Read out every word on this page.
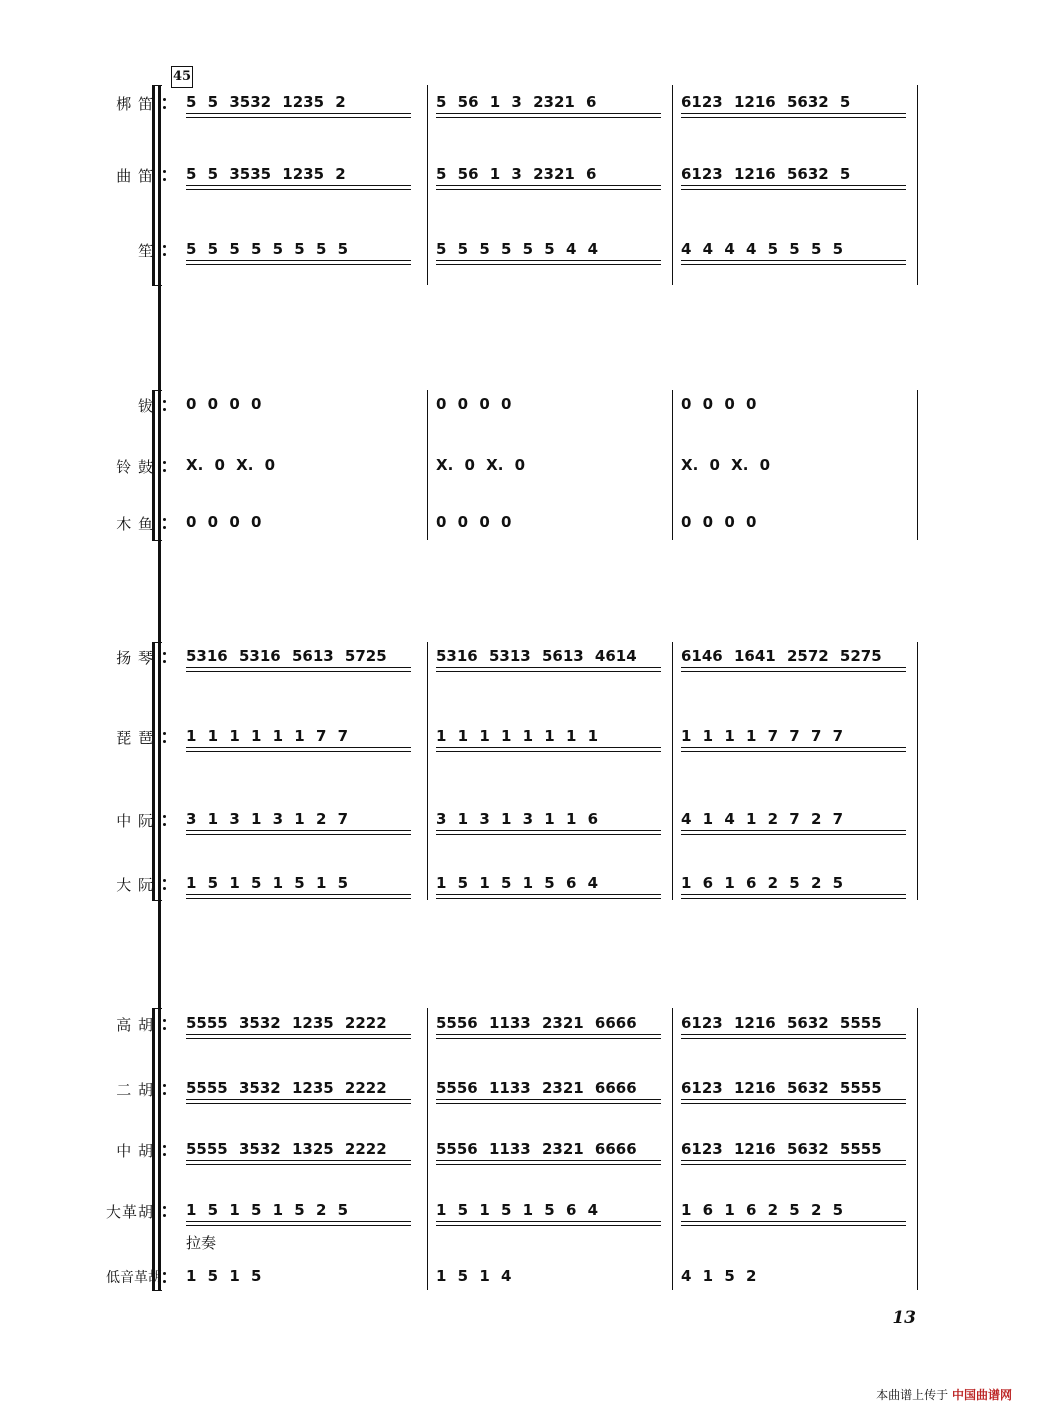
梆 笛 5 5 3532 1235 2	5 56 1 3 2321 6	6123 1216 5632 5
曲 笛 5 5 3535 1235 2	5 56 1 3 2321 6	6123 1216 5632 5
笙 5 5 5 5 5 5 5 5	5 5 5 5 5 5 4 4	4 4 4 4 5 5 5 5
钹 0 0 0 0	0 0 0 0	0 0 0 0
铃 鼓 X. 0 X. 0	X. 0 X. 0	X. 0 X. 0
木 鱼 0 0 0 0	0 0 0 0	0 0 0 0
扬 琴 5316 5316 5613 5725	5316 5313 5613 4614	6146 1641 2572 5275
琵 琶 1 1 1 1 1 1 7 7	1 1 1 1 1 1 1 1	1 1 1 1 7 7 7 7
中 阮 3 1 3 1 3 1 2 7	3 1 3 1 3 1 1 6	4 1 4 1 2 7 2 7
大 阮 1 5 1 5 1 5 1 5	1 5 1 5 1 5 6 4	1 6 1 6 2 5 2 5
高 胡 5555 3532 1235 2222	5556 1133 2321 6666	6123 1216 5632 5555
二 胡 5555 3532 1235 2222	5556 1133 2321 6666	6123 1216 5632 5555
中 胡 5555 3532 1325 2222	5556 1133 2321 6666	6123 1216 5632 5555
大革胡 1 5 1 5 1 5 2 5	1 5 1 5 1 5 6 4	1 6 1 6 2 5 2 5
低音革胡 1 5 1 5	1 5 1 4	4 1 5 2
拉奏
45
13
本曲谱上传于 中国曲谱网
